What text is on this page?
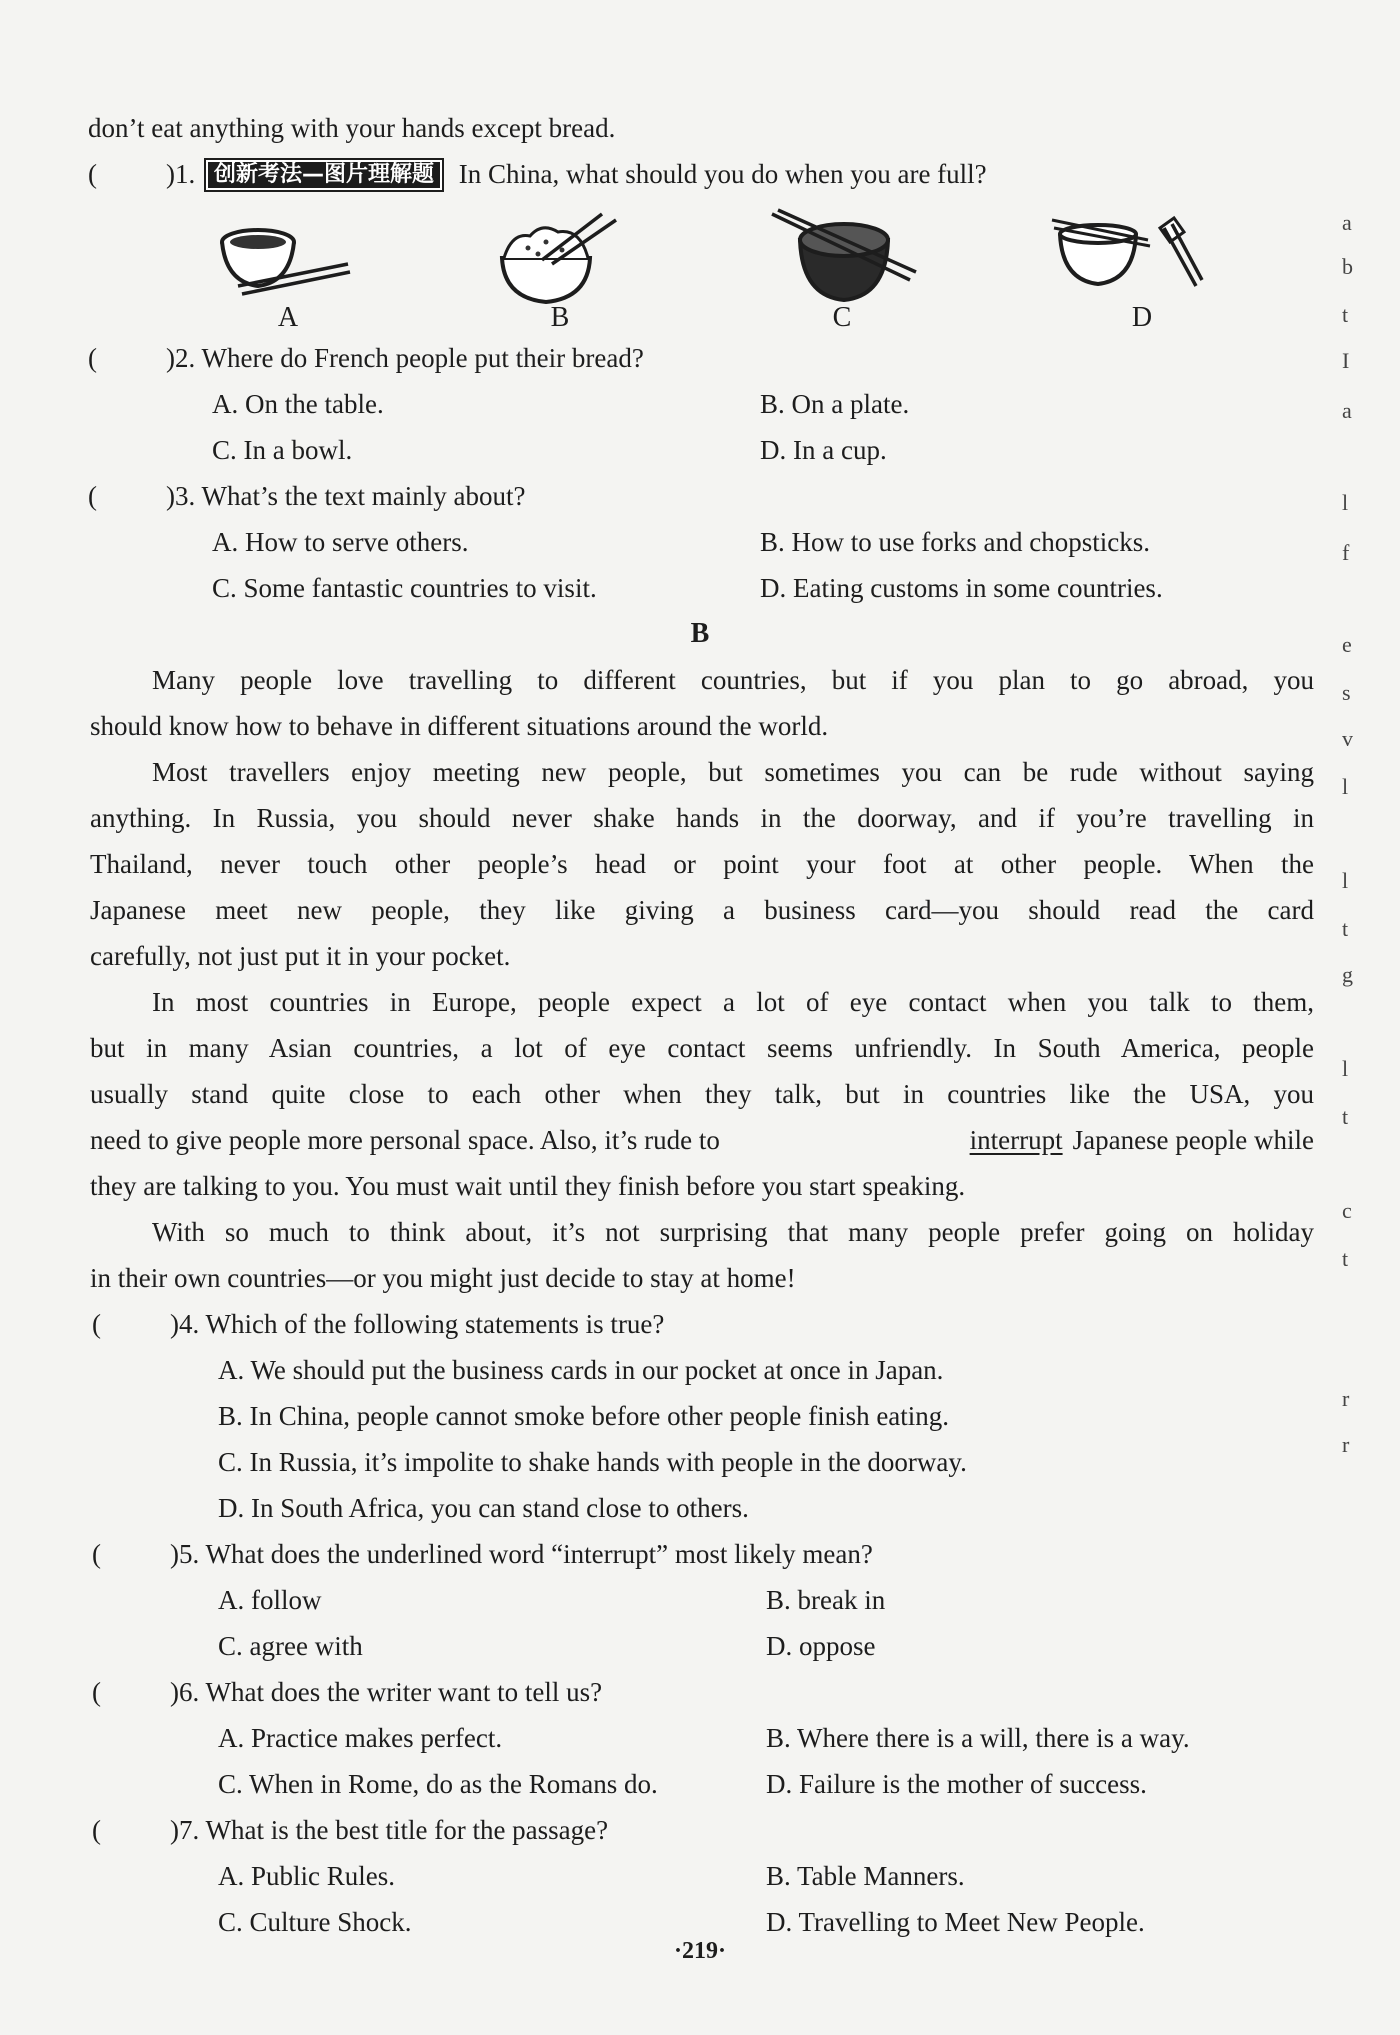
don’t eat anything with your hands except bread.
(	)1. 创新考法—图片理解题 In China, what should you do when you are full?
A	B	C	D
(	)2. Where do French people put their bread?
A. On the table.	B. On a plate.
C. In a bowl.	D. In a cup.
(	)3. What’s the text mainly about?
A. How to serve others.	B. How to use forks and chopsticks.
C. Some fantastic countries to visit.	D. Eating customs in some countries.
B
Many people love travelling to different countries, but if you plan to go abroad, you
should know how to behave in different situations around the world.
Most travellers enjoy meeting new people, but sometimes you can be rude without saying
anything. In Russia, you should never shake hands in the doorway, and if you’re travelling in
Thailand, never touch other people’s head or point your foot at other people. When the
Japanese meet new people, they like giving a business card—you should read the card
carefully, not just put it in your pocket.
In most countries in Europe, people expect a lot of eye contact when you talk to them,
but in many Asian countries, a lot of eye contact seems unfriendly. In South America, people
usually stand quite close to each other when they talk, but in countries like the USA, you
need to give people more personal space. Also, it’s rude to	interrupt Japanese people while
they are talking to you. You must wait until they finish before you start speaking.
With so much to think about, it’s not surprising that many people prefer going on holiday
in their own countries—or you might just decide to stay at home!
(	)4. Which of the following statements is true?
A. We should put the business cards in our pocket at once in Japan.
B. In China, people cannot smoke before other people finish eating.
C. In Russia, it’s impolite to shake hands with people in the doorway.
D. In South Africa, you can stand close to others.
(	)5. What does the underlined word “interrupt” most likely mean?
A. follow	B. break in
C. agree with	D. oppose
(	)6. What does the writer want to tell us?
A. Practice makes perfect.	B. Where there is a will, there is a way.
C. When in Rome, do as the Romans do.	D. Failure is the mother of success.
(	)7. What is the best title for the passage?
A. Public Rules.	B. Table Manners.
C. Culture Shock.	D. Travelling to Meet New People.
·219·
a
b
t
I
a
l
f
e
s
v
l
l
t
g
l
t
c
t
r
r
